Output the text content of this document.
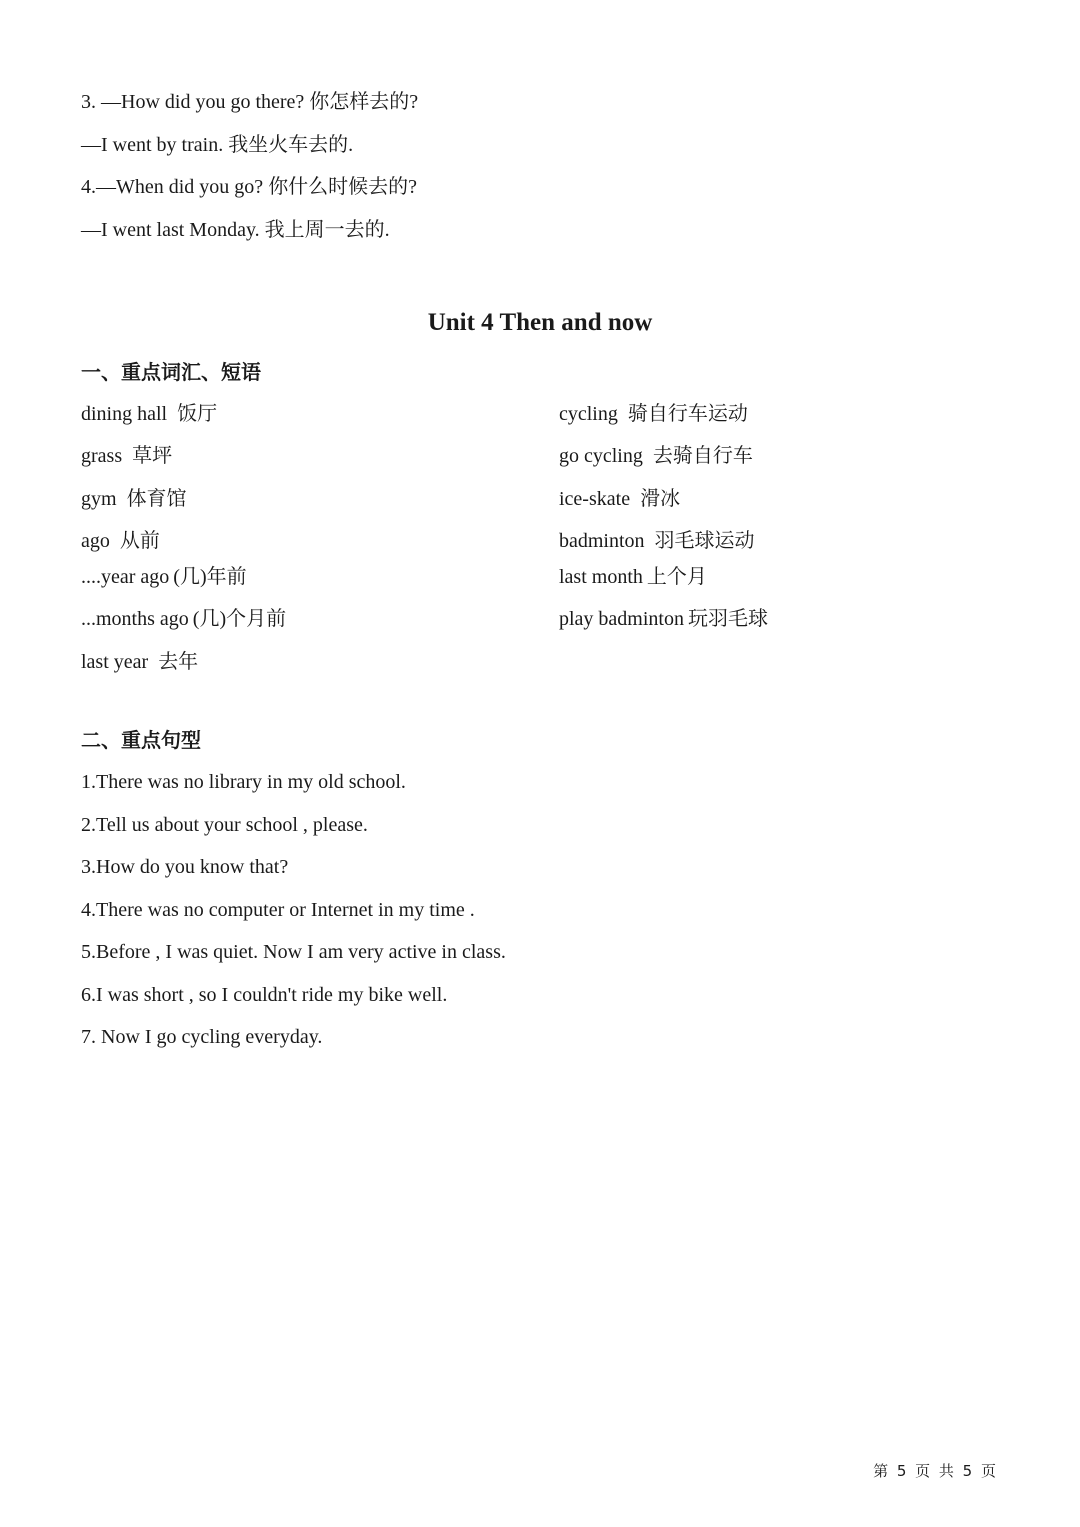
3. —How did you go there? 你怎样去的?
—I went by train. 我坐火车去的.
4.—When did you go? 你什么时候去的?
—I went last Monday. 我上周一去的.
Unit 4 Then and now
一、重点词汇、短语
dining hall 饭厅
grass 草坪
gym 体育馆
ago 从前
....year ago (几)年前
...months ago (几)个月前
last year 去年
cycling 骑自行车运动
go cycling 去骑自行车
ice-skate 滑冰
badminton 羽毛球运动
last month 上个月
play badminton 玩羽毛球
二、重点句型
1.There was no library in my old school.
2.Tell us about your school , please.
3.How do you know that?
4.There was no computer or Internet in my time .
5.Before , I was quiet. Now I am very active in class.
6.I was short , so I couldn't ride my bike well.
7. Now I go cycling everyday.
第 5 页 共 5 页
